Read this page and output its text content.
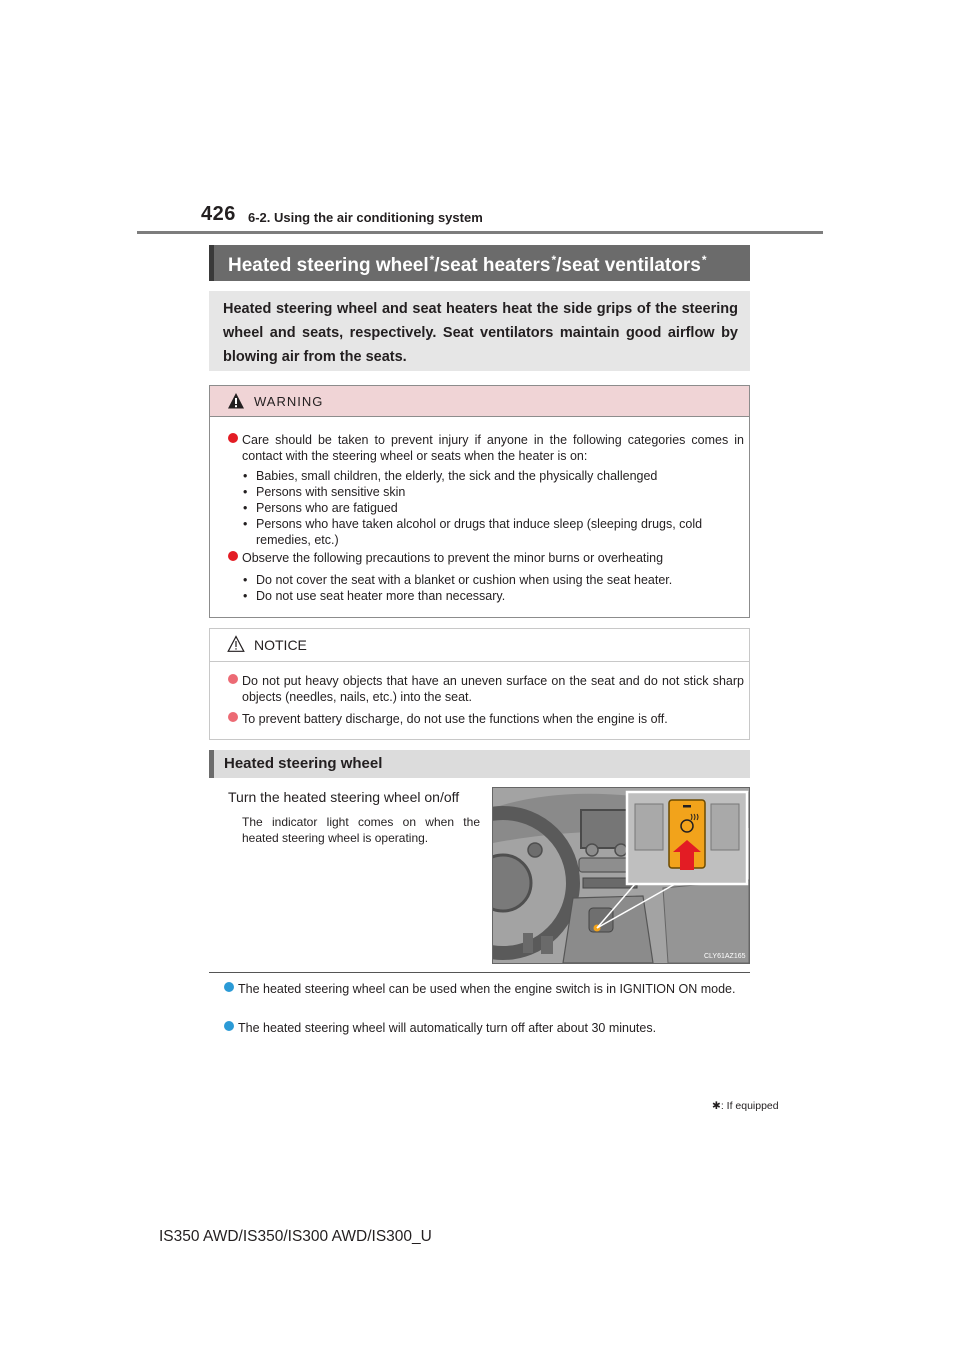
426 6-2. Using the air conditioning system
Heated steering wheel*/seat heaters*/seat ventilators*

Heated steering wheel and seat heaters heat the side grips of the steering wheel and seats, respectively. Seat ventilators maintain good airflow by blowing air from the seats.

WARNING
Care should be taken to prevent injury if anyone in the following categories comes in contact with the steering wheel or seats when the heater is on:
• Babies, small children, the elderly, the sick and the physically challenged
• Persons with sensitive skin
• Persons who are fatigued
• Persons who have taken alcohol or drugs that induce sleep (sleeping drugs, cold remedies, etc.)
Observe the following precautions to prevent the minor burns or overheating
• Do not cover the seat with a blanket or cushion when using the seat heater.
• Do not use seat heater more than necessary.
NOTICE
Do not put heavy objects that have an uneven surface on the seat and do not stick sharp objects (needles, nails, etc.) into the seat.
To prevent battery discharge, do not use the functions when the engine is off.
Heated steering wheel
Turn the heated steering wheel on/off
The indicator light comes on when the heated steering wheel is operating.
CLY61AZ165
The heated steering wheel can be used when the engine switch is in IGNITION ON mode.
The heated steering wheel will automatically turn off after about 30 minutes.
✱: If equipped
IS350 AWD/IS350/IS300 AWD/IS300_U
